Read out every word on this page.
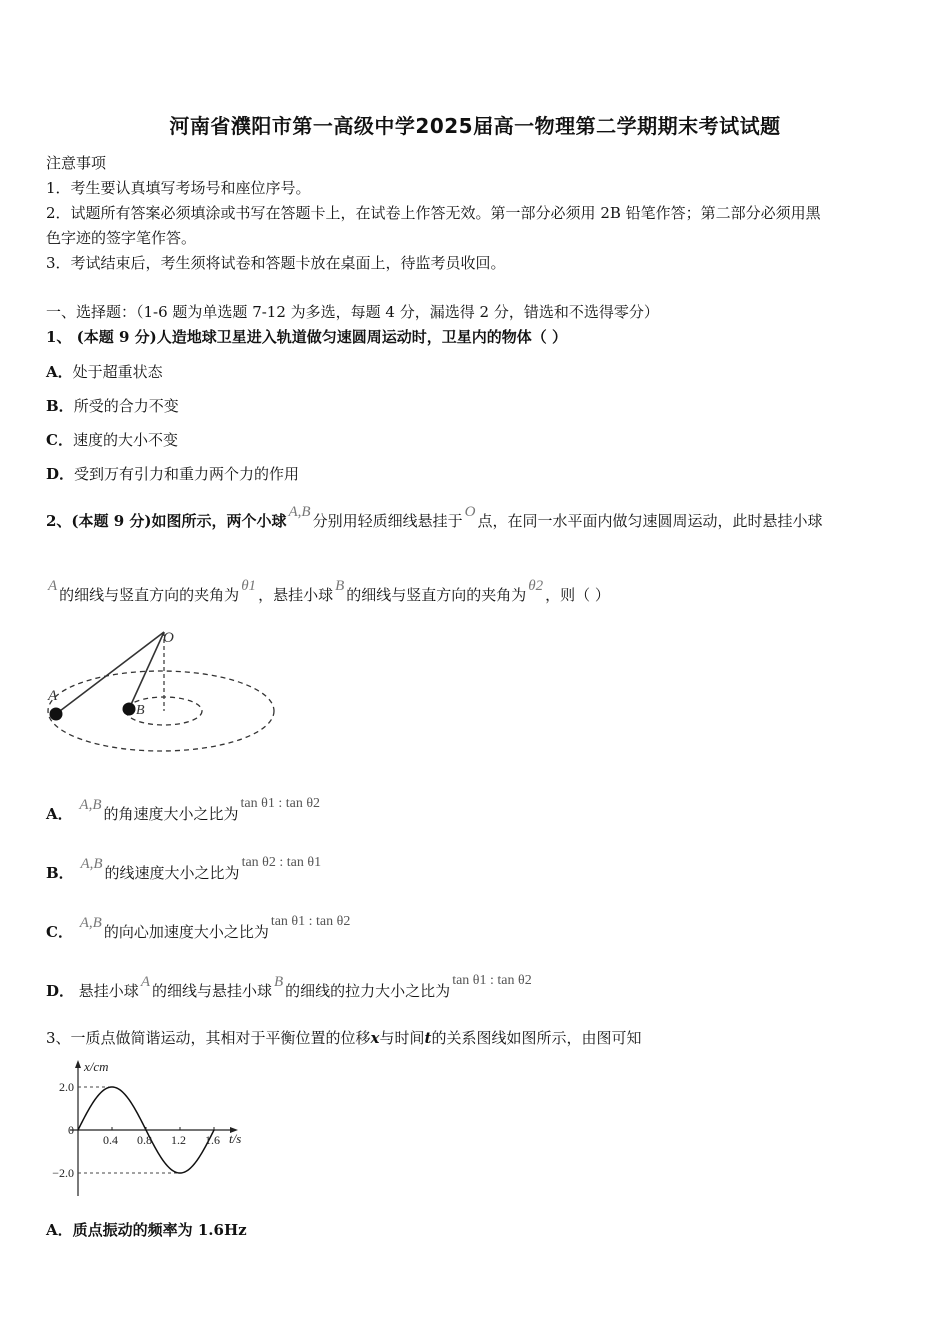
河南省濮阳市第一高级中学2025届高一物理第二学期期末考试试题
注意事项
1．考生要认真填写考场号和座位序号。
2．试题所有答案必须填涂或书写在答题卡上，在试卷上作答无效。第一部分必须用 2B 铅笔作答；第二部分必须用黑
色字迹的签字笔作答。
3．考试结束后，考生须将试卷和答题卡放在桌面上，待监考员收回。
一、选择题：（1-6 题为单选题 7-12 为多选，每题 4 分，漏选得 2 分，错选和不选得零分）
1、 (本题 9 分)人造地球卫星进入轨道做匀速圆周运动时，卫星内的物体（ ）
A．处于超重状态
B．所受的合力不变
C．速度的大小不变
D．受到万有引力和重力两个力的作用
2、(本题 9 分)如图所示，两个小球 A,B 分别用轻质细线悬挂于 O 点，在同一水平面内做匀速圆周运动，此时悬挂小球
A 的细线与竖直方向的夹角为 θ1 ，悬挂小球 B 的细线与竖直方向的夹角为 θ2 ，则（ ）
O
A
B
A． A,B 的角速度大小之比为tan θ1 : tan θ2
B． A,B 的线速度大小之比为tan θ2 : tan θ1
C． A,B 的向心加速度大小之比为tan θ1 : tan θ2
D． 悬挂小球 A 的细线与悬挂小球 B 的细线的拉力大小之比为tan θ1 : tan θ2
3、一质点做简谐运动，其相对于平衡位置的位移x与时间t的关系图线如图所示，由图可知
x/cm
t/s
0.4 0.8 1.2 1.6
2.0
0
−2.0
A．质点振动的频率为 1.6Hz
